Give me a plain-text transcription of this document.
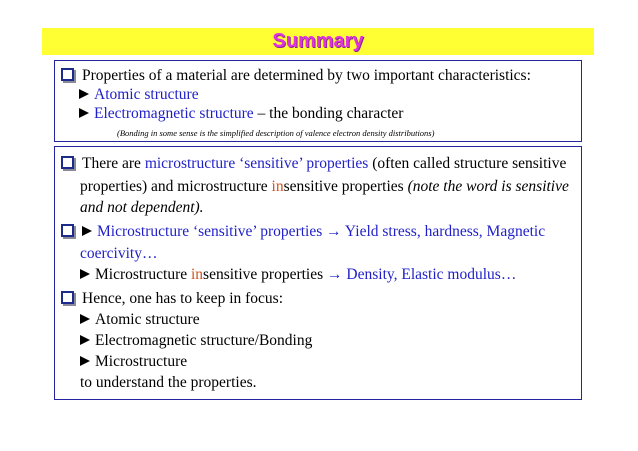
Summary
Properties of a material are determined by two important characteristics:
Atomic structure
Electromagnetic structure – the bonding character
(Bonding in some sense is the simplified description of valence electron density distributions)
There are microstructure ‘sensitive’ properties (often called structure sensitive
properties) and microstructure insensitive properties (note the word is sensitive
and not dependent).
Microstructure ‘sensitive’ properties → Yield stress, hardness, Magnetic
coercivity…
Microstructure insensitive properties → Density, Elastic modulus…
Hence, one has to keep in focus:
Atomic structure
Electromagnetic structure/Bonding
Microstructure
to understand the properties.
